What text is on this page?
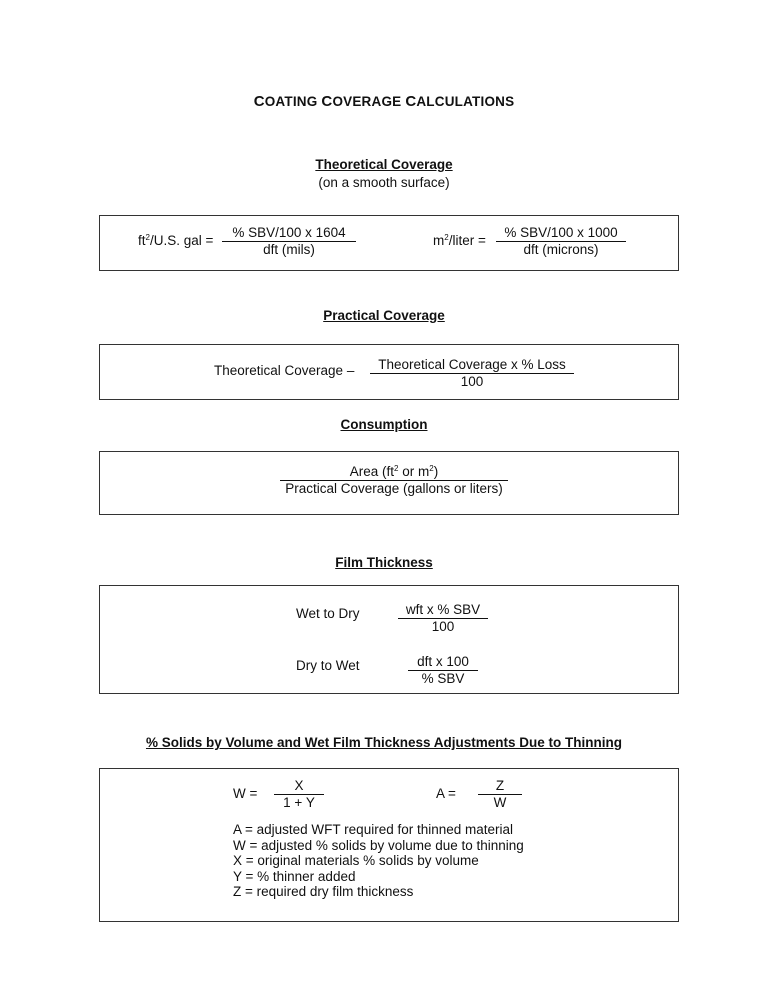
COATING COVERAGE CALCULATIONS
Theoretical Coverage
(on a smooth surface)
$ft^2/U.S$. gal =
% SBV/100 x 1604
dft (mils)
$m^2$/liter =
% SBV/100 x 1000
dft (microns)
Practical Coverage
Theoretical Coverage –	Theoretical Coverage x % Loss
100
Consumption
Area ($ft^2$ or $m^2$)
Practical Coverage (gallons or liters)
Film Thickness
Wet to Dry	wft x % SBV
100
Dry to Wet	dft x 100
% SBV
% Solids by Volume and Wet Film Thickness Adjustments Due to Thinning
$W = \frac{X}{1 + Y}$	$A = \frac{Z}{W}$
A = adjusted WFT required for thinned material
W = adjusted % solids by volume due to thinning
X = original materials % solids by volume
Y = % thinner added
Z = required dry film thickness
